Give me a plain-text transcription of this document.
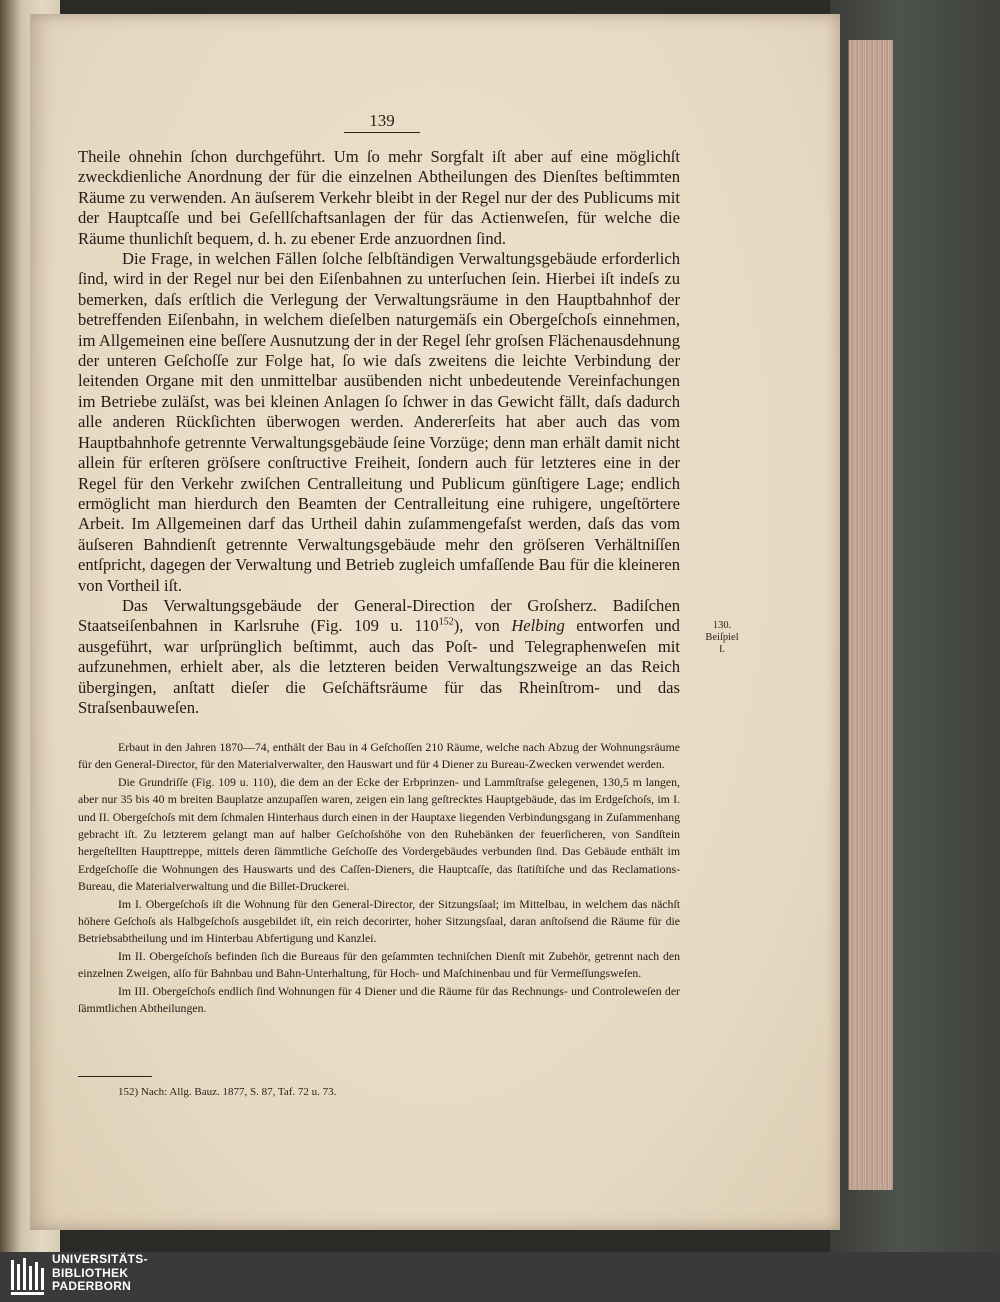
139

Theile ohnehin ſchon durchgeführt. Um ſo mehr Sorgfalt iſt aber auf eine möglichſt zweckdienliche Anordnung der für die einzelnen Abtheilungen des Dienſtes beſtimmten Räume zu verwenden. An äuſserem Verkehr bleibt in der Regel nur der des Publicums mit der Hauptcaſſe und bei Geſellſchaftsanlagen der für das Actienweſen, für welche die Räume thunlichſt bequem, d. h. zu ebener Erde anzuordnen ſind.

Die Frage, in welchen Fällen ſolche ſelbſtändigen Verwaltungsgebäude erforderlich ſind, wird in der Regel nur bei den Eiſenbahnen zu unterſuchen ſein. Hierbei iſt indeſs zu bemerken, daſs erſtlich die Verlegung der Verwaltungsräume in den Hauptbahnhof der betreffenden Eiſenbahn, in welchem dieſelben naturgemäſs ein Obergeſchoſs einnehmen, im Allgemeinen eine beſſere Ausnutzung der in der Regel ſehr groſsen Flächenausdehnung der unteren Geſchoſſe zur Folge hat, ſo wie daſs zweitens die leichte Verbindung der leitenden Organe mit den unmittelbar ausübenden nicht unbedeutende Vereinfachungen im Betriebe zuläſst, was bei kleinen Anlagen ſo ſchwer in das Gewicht fällt, daſs dadurch alle anderen Rückſichten überwogen werden. Andererſeits hat aber auch das vom Hauptbahnhofe getrennte Verwaltungsgebäude ſeine Vorzüge; denn man erhält damit nicht allein für erſteren gröſsere conſtructive Freiheit, ſondern auch für letzteres eine in der Regel für den Verkehr zwiſchen Centralleitung und Publicum günſtigere Lage; endlich ermöglicht man hierdurch den Beamten der Centralleitung eine ruhigere, ungeſtörtere Arbeit. Im Allgemeinen darf das Urtheil dahin zuſammengefaſst werden, daſs das vom äuſseren Bahndienſt getrennte Verwaltungsgebäude mehr den gröſseren Verhältniſſen entſpricht, dagegen der Verwaltung und Betrieb zugleich umfaſſende Bau für die kleineren von Vortheil iſt.

Das Verwaltungsgebäude der General-Direction der Groſsherz. Badiſchen Staatseiſenbahnen in Karlsruhe (Fig. 109 u. $110^{152}$), von Helbing entworfen und ausgeführt, war urſprünglich beſtimmt, auch das Poſt- und Telegraphenweſen mit aufzunehmen, erhielt aber, als die letzteren beiden Verwaltungszweige an das Reich übergingen, anſtatt dieſer die Geſchäftsräume für das Rheinſtrom- und das Straſsenbauweſen.

130.
Beiſpiel
I.

Erbaut in den Jahren 1870—74, enthält der Bau in 4 Geſchoſſen 210 Räume, welche nach Abzug der Wohnungsräume für den General-Director, für den Materialverwalter, den Hauswart und für 4 Diener zu Bureau-Zwecken verwendet werden.

Die Grundriſſe (Fig. 109 u. 110), die dem an der Ecke der Erbprinzen- und Lammſtraſse gelegenen, 130,5 m langen, aber nur 35 bis 40 m breiten Bauplatze anzupaſſen waren, zeigen ein lang geſtrecktes Hauptgebäude, das im Erdgeſchoſs, im I. und II. Obergeſchoſs mit dem ſchmalen Hinterhaus durch einen in der Hauptaxe liegenden Verbindungsgang in Zuſammenhang gebracht iſt. Zu letzterem gelangt man auf halber Geſchoſshöhe von den Ruhebänken der feuerſicheren, von Sandſtein hergeſtellten Haupttreppe, mittels deren ſämmtliche Geſchoſſe des Vordergebäudes verbunden ſind. Das Gebäude enthält im Erdgeſchoſſe die Wohnungen des Hauswarts und des Caſſen-Dieners, die Hauptcaſſe, das ſtatiſtiſche und das Reclamations-Bureau, die Materialverwaltung und die Billet-Druckerei.

Im I. Obergeſchoſs iſt die Wohnung für den General-Director, der Sitzungsſaal; im Mittelbau, in welchem das nächſt höhere Geſchoſs als Halbgeſchoſs ausgebildet iſt, ein reich decorirter, hoher Sitzungsſaal, daran anſtoſsend die Räume für die Betriebsabtheilung und im Hinterbau Abfertigung und Kanzlei.

Im II. Obergeſchoſs befinden ſich die Bureaus für den geſammten techniſchen Dienſt mit Zubehör, getrennt nach den einzelnen Zweigen, alſo für Bahnbau und Bahn-Unterhaltung, für Hoch- und Maſchinenbau und für Vermeſſungsweſen.

Im III. Obergeſchoſs endlich ſind Wohnungen für 4 Diener und die Räume für das Rechnungs- und Controleweſen der ſämmtlichen Abtheilungen.

152) Nach: Allg. Bauz. 1877, S. 87, Taf. 72 u. 73.
UNIVERSITÄTS-
BIBLIOTHEK
PADERBORN
